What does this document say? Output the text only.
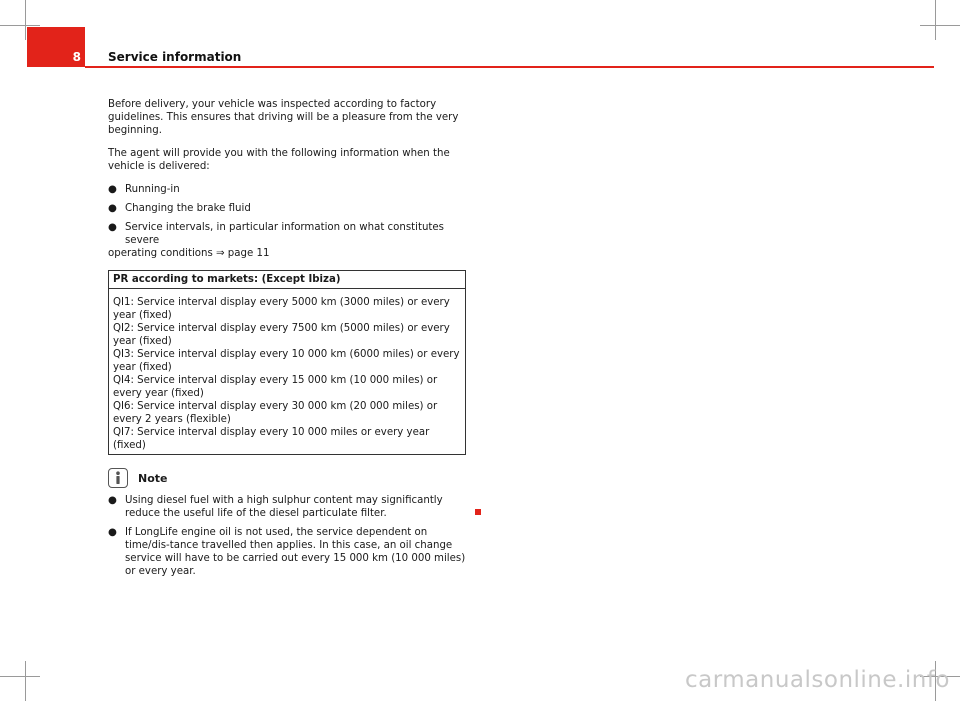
8	Service information

Before delivery, your vehicle was inspected according to factory guidelines. This ensures that driving will be a pleasure from the very beginning.

The agent will provide you with the following information when the vehicle is delivered:

● Running-in
● Changing the brake fluid
● Service intervals, in particular information on what constitutes severe
operating conditions ⇒ page 11
PR according to markets: (Except Ibiza)
QI1: Service interval display every 5000 km (3000 miles) or every year (fixed)
QI2: Service interval display every 7500 km (5000 miles) or every year (fixed)
QI3: Service interval display every 10 000 km (6000 miles) or every year (fixed)
QI4: Service interval display every 15 000 km (10 000 miles) or every year (fixed)
QI6: Service interval display every 30 000 km (20 000 miles) or every 2 years (flexible)
QI7: Service interval display every 10 000 miles or every year (fixed)
Note
● Using diesel fuel with a high sulphur content may significantly reduce the useful life of the diesel particulate filter.
● If LongLife engine oil is not used, the service dependent on time/dis-tance travelled then applies. In this case, an oil change service will have to be carried out every 15 000 km (10 000 miles) or every year.
carmanualsonline.info
